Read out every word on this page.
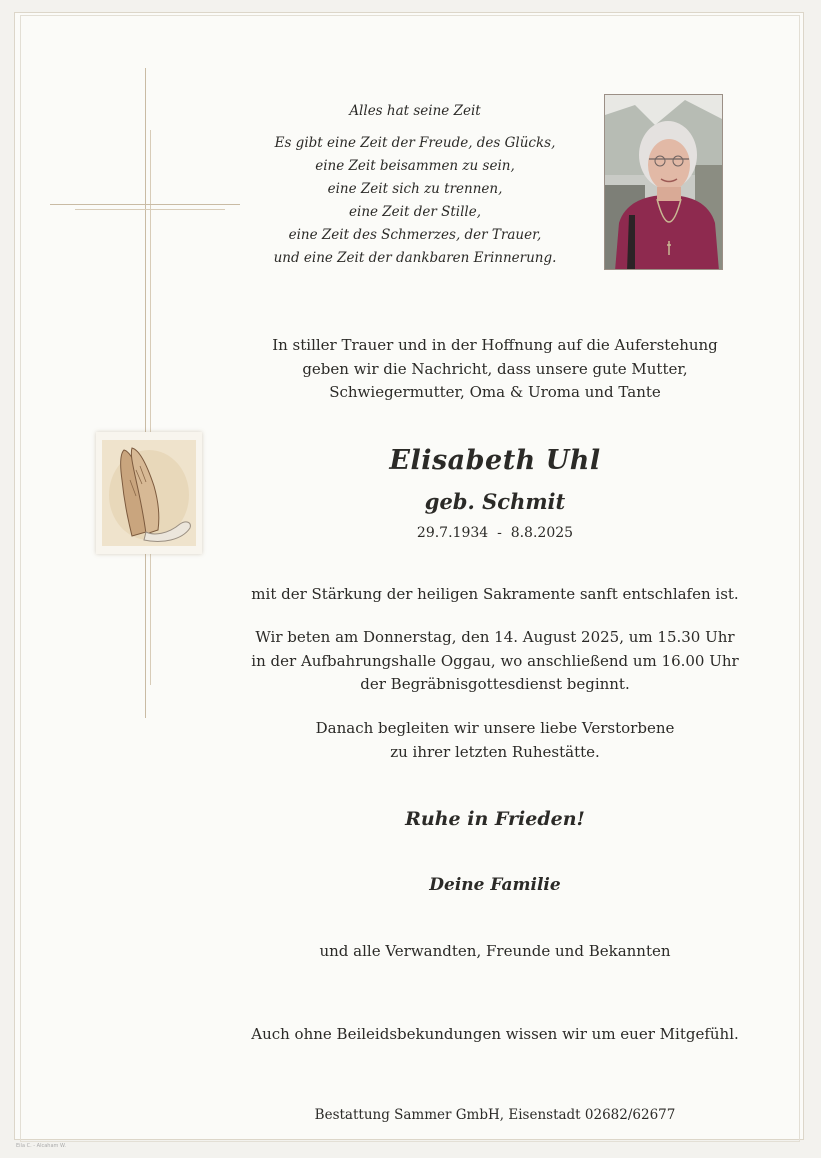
Alles hat seine Zeit
Es gibt eine Zeit der Freude, des Glücks,
eine Zeit beisammen zu sein,
eine Zeit sich zu trennen,
eine Zeit der Stille,
eine Zeit des Schmerzes, der Trauer,
und eine Zeit der dankbaren Erinnerung.
In stiller Trauer und in der Hoffnung auf die Auferstehung
geben wir die Nachricht, dass unsere gute Mutter,
Schwiegermutter, Oma & Uroma und Tante
Elisabeth Uhl
geb. Schmit
29.7.1934  -  8.8.2025
mit der Stärkung der heiligen Sakramente sanft entschlafen ist.
Wir beten am Donnerstag, den 14. August 2025, um 15.30 Uhr
in der Aufbahrungshalle Oggau, wo anschließend um 16.00 Uhr
der Begräbnisgottesdienst beginnt.
Danach begleiten wir unsere liebe Verstorbene
zu ihrer letzten Ruhestätte.
Ruhe in Frieden!
Deine Familie
und alle Verwandten, Freunde und Bekannten
Auch ohne Beileidsbekundungen wissen wir um euer Mitgefühl.
Bestattung Sammer GmbH, Eisenstadt 02682/62677
Eila C. - Alcaham W.
